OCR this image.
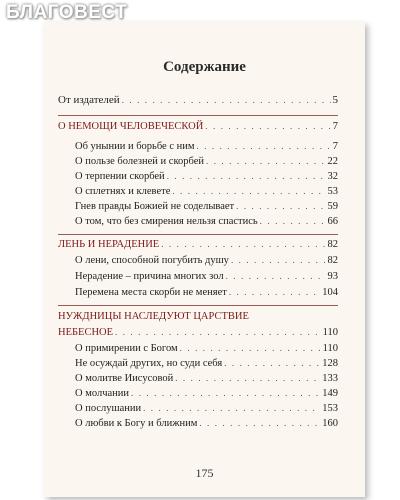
БЛАГОВЕСТ
Содержание
От издателей . . .	5
О НЕМОЩИ ЧЕЛОВЕЧЕСКОЙ . . .	7
Об унынии и борьбе с ним . . .	7
О пользе болезней и скорбей . . .	22
О терпении скорбей . . .	32
О сплетнях и клевете . . .	53
Гнев правды Божией не соделывает . . .	59
О том, что без смирения нельзя спастись . . .	66
ЛЕНЬ И НЕРАДЕНИЕ . . .	82
О лени, способной погубить душу . . .	82
Нерадение – причина многих зол . . .	93
Перемена места скорби не меняет . . .	104
НУЖДНИЦЫ НАСЛЕДУЮТ ЦАРСТВИЕ
НЕБЕСНОЕ . . .	110
О примирении с Богом . . .	110
Не осуждай других, но суди себя . . .	128
О молитве Иисусовой . . .	133
О молчании . . .	149
О послушании . . .	153
О любви к Богу и ближним . . .	160
175
